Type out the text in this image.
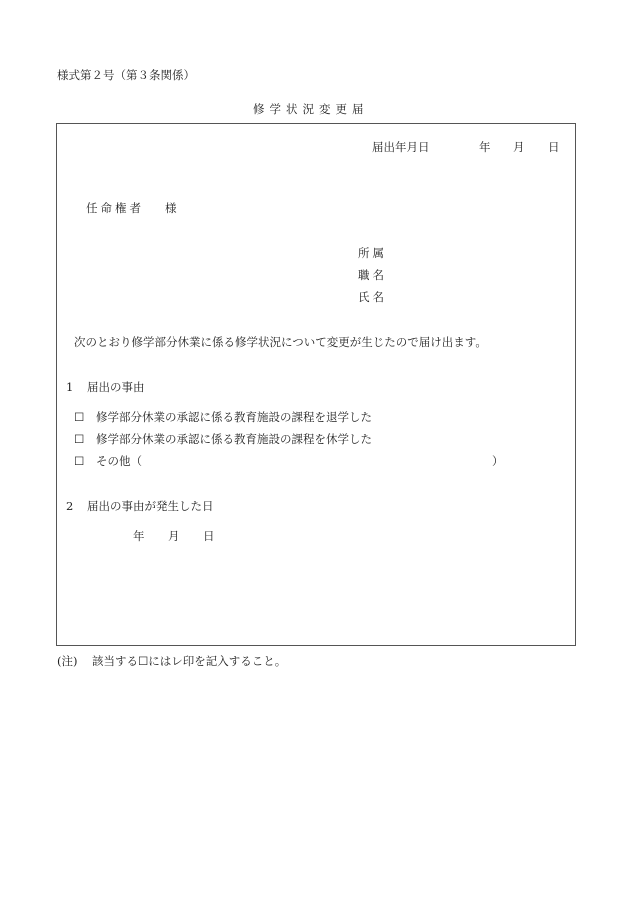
様式第２号（第３条関係）
修学状況変更届
届出年月日	年 月 日
任命権者 様
所属
職名
氏名
次のとおり修学部分休業に係る修学状況について変更が生じたので届け出ます。
1 届出の事由
☐ 修学部分休業の承認に係る教育施設の課程を退学した
☐ 修学部分休業の承認に係る教育施設の課程を休学した
☐ その他（	）
2 届出の事由が発生した日
年 月 日
(注) 該当する☐にはレ印を記入すること。
